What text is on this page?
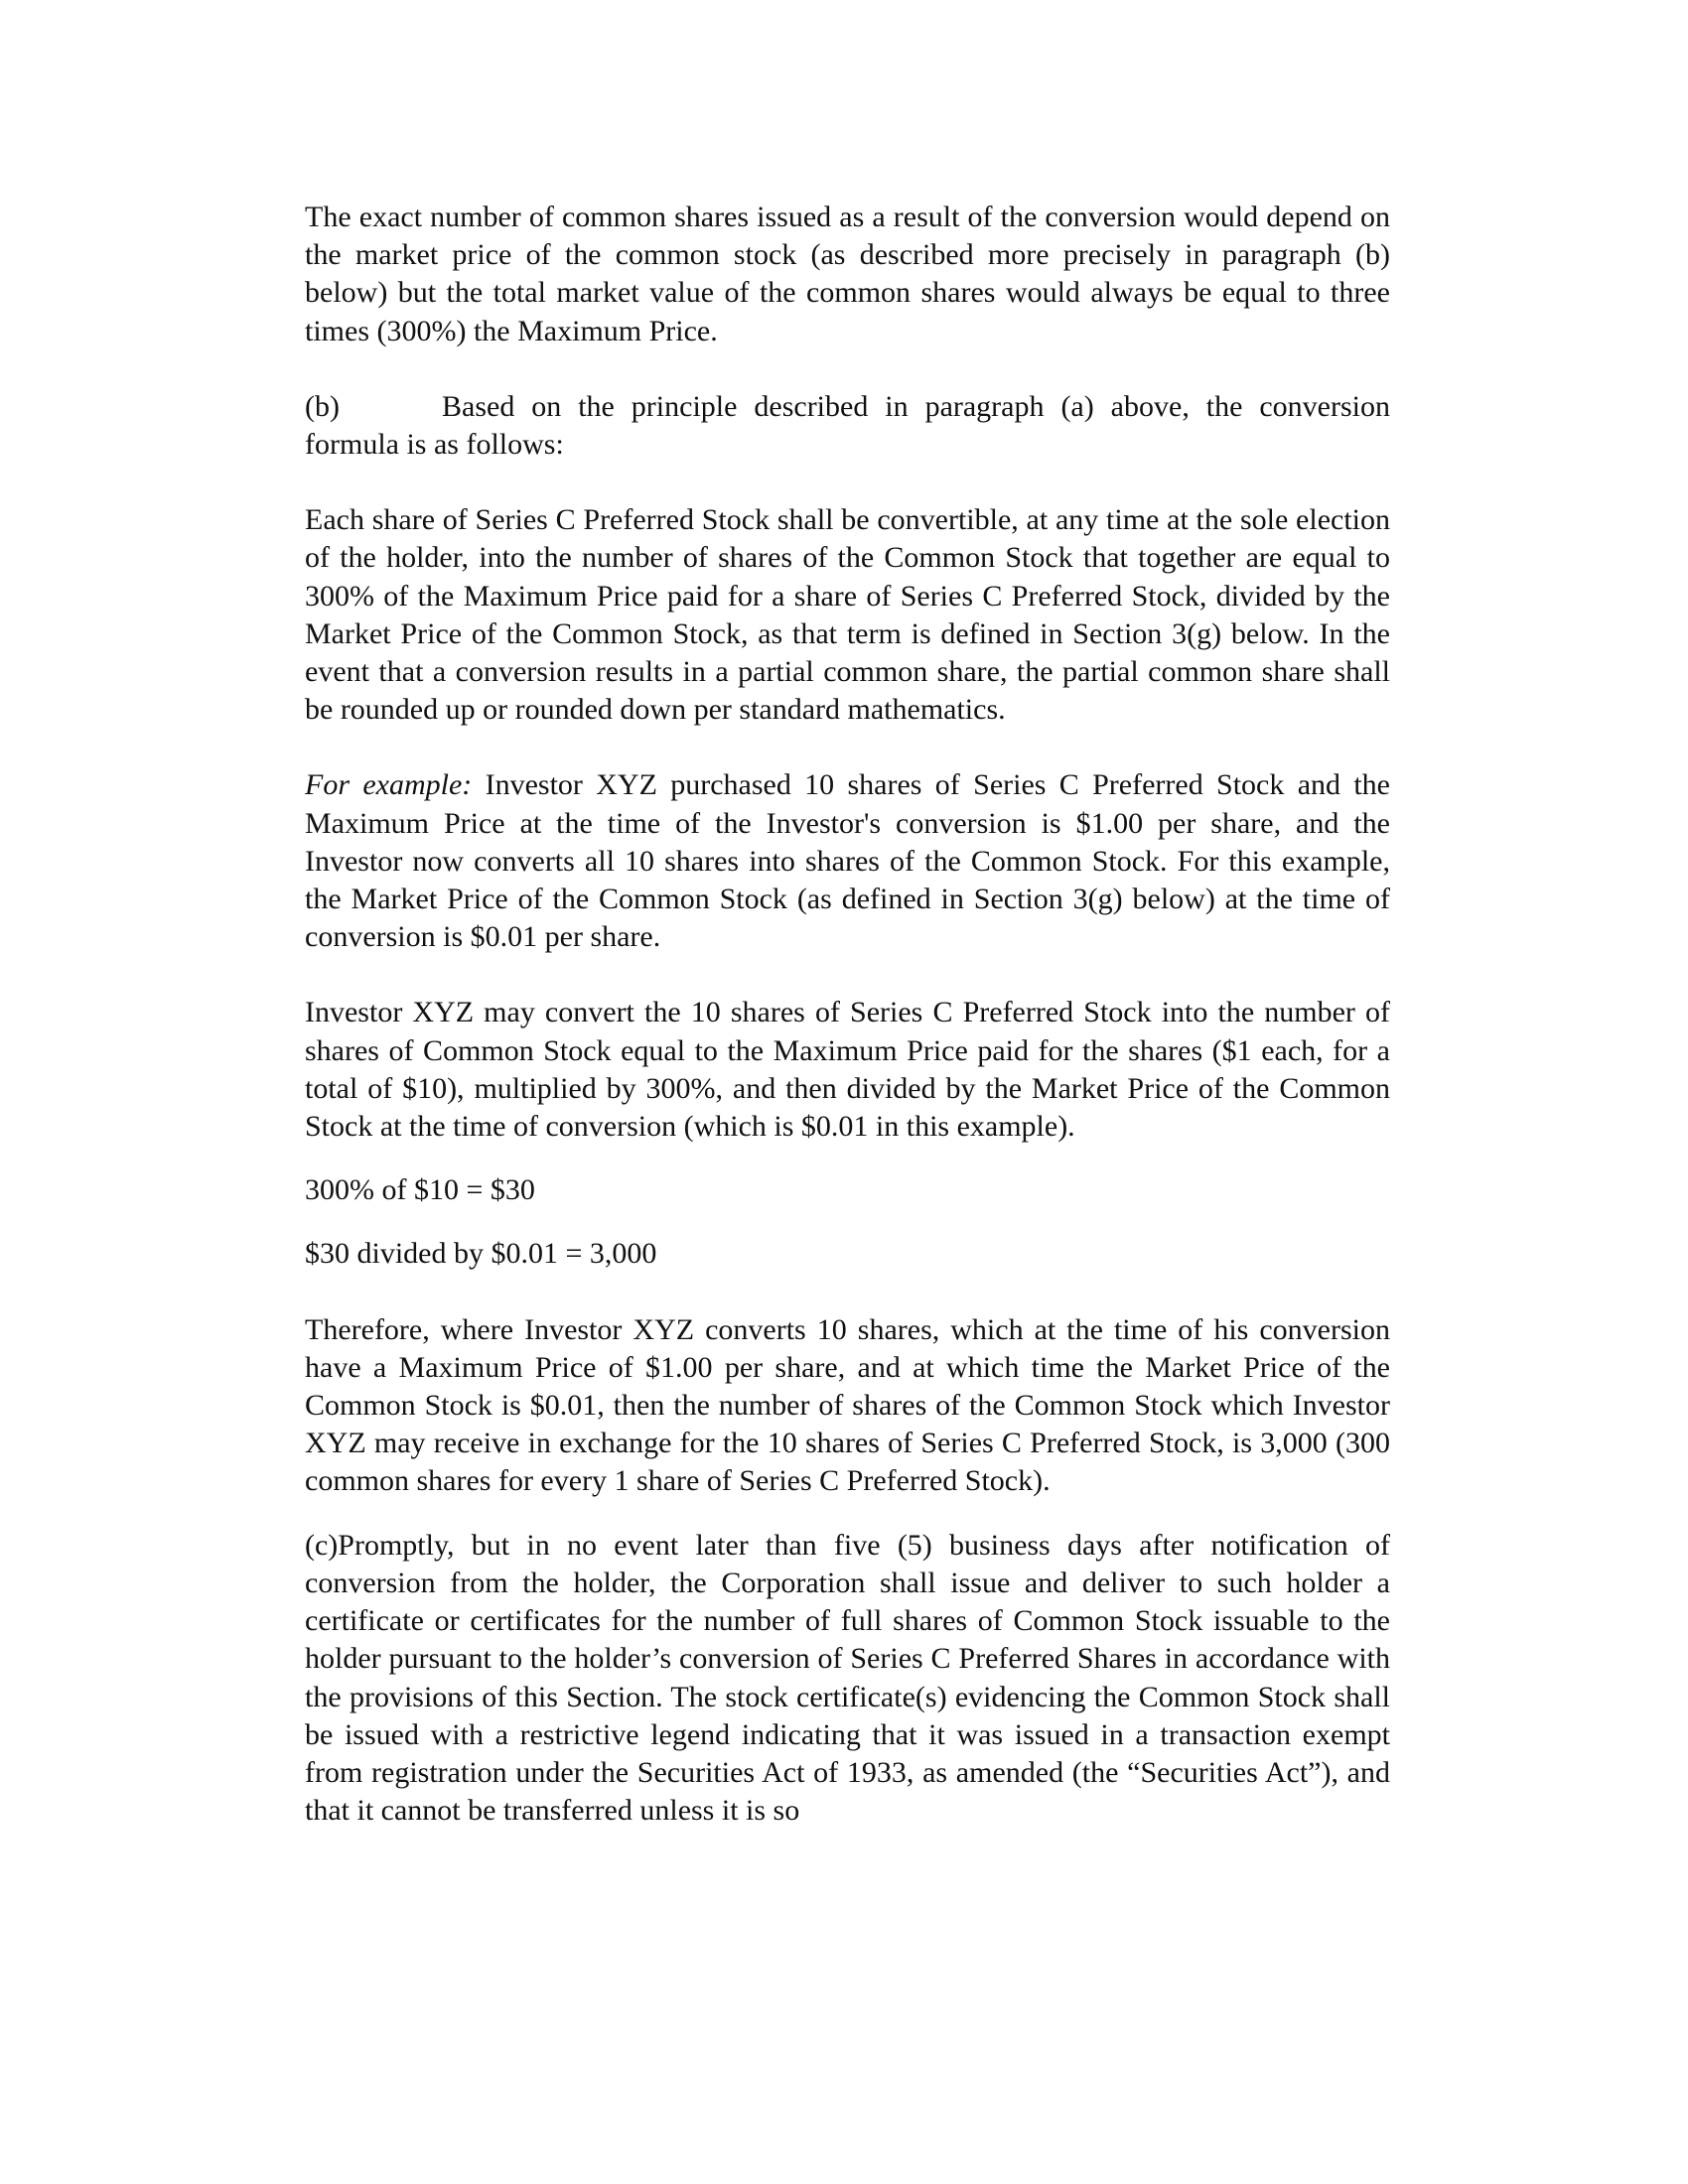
The exact number of common shares issued as a result of the conversion would depend on the market price of the common stock (as described more precisely in paragraph (b) below) but the total market value of the common shares would always be equal to three times (300%) the Maximum Price.

(b)	Based on the principle described in paragraph (a) above, the conversion formula is as follows:

Each share of Series C Preferred Stock shall be convertible, at any time at the sole election of the holder, into the number of shares of the Common Stock that together are equal to 300% of the Maximum Price paid for a share of Series C Preferred Stock, divided by the Market Price of the Common Stock, as that term is defined in Section 3(g) below. In the event that a conversion results in a partial common share, the partial common share shall be rounded up or rounded down per standard mathematics.

For example: Investor XYZ purchased 10 shares of Series C Preferred Stock and the Maximum Price at the time of the Investor's conversion is $1.00 per share, and the Investor now converts all 10 shares into shares of the Common Stock. For this example, the Market Price of the Common Stock (as defined in Section 3(g) below) at the time of conversion is $0.01 per share.

Investor XYZ may convert the 10 shares of Series C Preferred Stock into the number of shares of Common Stock equal to the Maximum Price paid for the shares ($1 each, for a total of $10), multiplied by 300%, and then divided by the Market Price of the Common Stock at the time of conversion (which is $0.01 in this example).

300% of $10 = $30

$30 divided by $0.01 = 3,000

Therefore, where Investor XYZ converts 10 shares, which at the time of his conversion have a Maximum Price of $1.00 per share, and at which time the Market Price of the Common Stock is $0.01, then the number of shares of the Common Stock which Investor XYZ may receive in exchange for the 10 shares of Series C Preferred Stock, is 3,000 (300 common shares for every 1 share of Series C Preferred Stock).

(c)Promptly, but in no event later than five (5) business days after notification of conversion from the holder, the Corporation shall issue and deliver to such holder a certificate or certificates for the number of full shares of Common Stock issuable to the holder pursuant to the holder’s conversion of Series C Preferred Shares in accordance with the provisions of this Section. The stock certificate(s) evidencing the Common Stock shall be issued with a restrictive legend indicating that it was issued in a transaction exempt from registration under the Securities Act of 1933, as amended (the “Securities Act”), and that it cannot be transferred unless it is so
